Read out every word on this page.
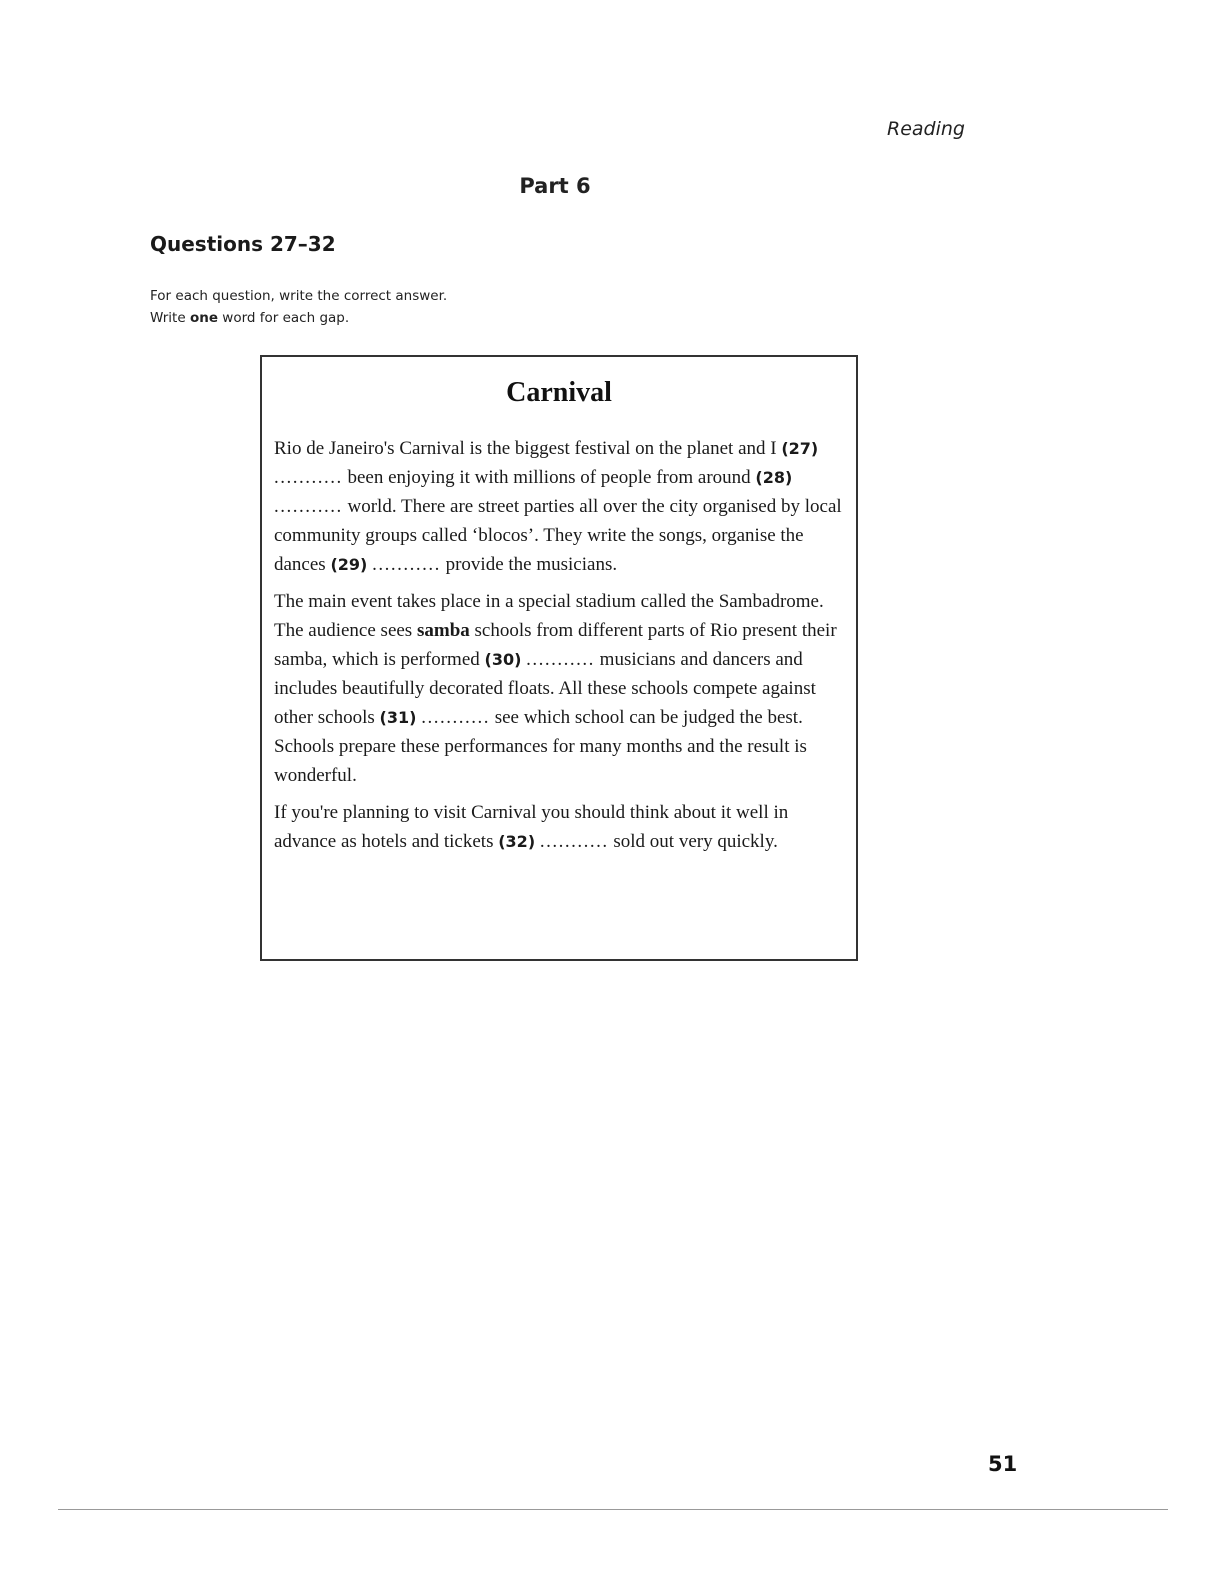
Reading
Part 6
Questions 27–32
For each question, write the correct answer.
Write one word for each gap.
Carnival

Rio de Janeiro's Carnival is the biggest festival on the planet and I (27) ........... been enjoying it with millions of people from around (28) ........... world. There are street parties all over the city organised by local community groups called ‘blocos’. They write the songs, organise the dances (29) ........... provide the musicians.

The main event takes place in a special stadium called the Sambadrome. The audience sees samba schools from different parts of Rio present their samba, which is performed (30) ........... musicians and dancers and includes beautifully decorated floats. All these schools compete against other schools (31) ........... see which school can be judged the best. Schools prepare these performances for many months and the result is wonderful.

If you're planning to visit Carnival you should think about it well in advance as hotels and tickets (32) ........... sold out very quickly.

51
